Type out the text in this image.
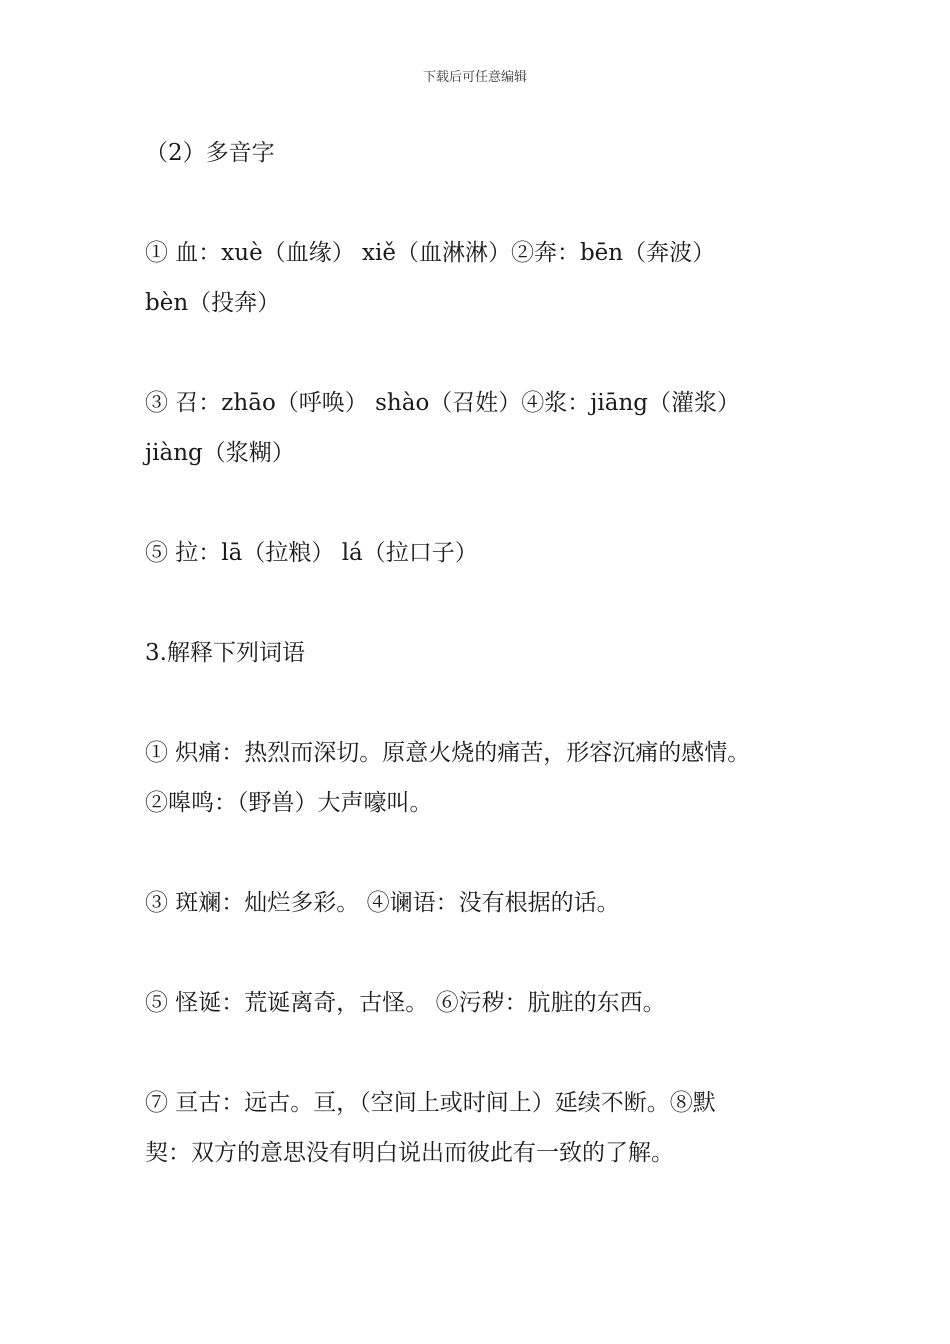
下载后可任意编辑

（2）多音字

① 血：xuè（血缘） xiě（血淋淋）②奔：bēn（奔波）
bèn（投奔）

③ 召：zhāo（呼唤） shào（召姓）④浆：jiāng（灌浆）
jiàng（浆糊）

⑤ 拉：lā（拉粮） lá（拉口子）

3.解释下列词语

① 炽痛：热烈而深切。原意火烧的痛苦，形容沉痛的感情。
②嗥鸣：（野兽）大声嚎叫。

③ 斑斓：灿烂多彩。 ④谰语：没有根据的话。

⑤ 怪诞：荒诞离奇，古怪。 ⑥污秽：肮脏的东西。

⑦ 亘古：远古。亘，（空间上或时间上）延续不断。⑧默
契：双方的意思没有明白说出而彼此有一致的了解。
